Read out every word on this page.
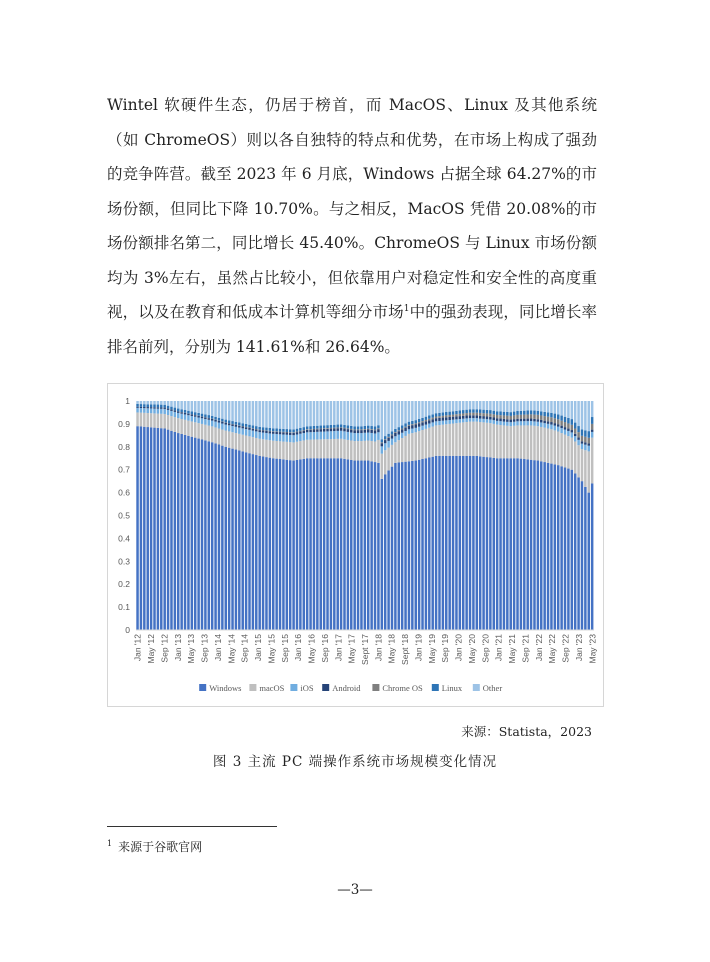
Wintel 软硬件生态，仍居于榜首，而 MacOS、Linux 及其他系统（如 ChromeOS）则以各自独特的特点和优势，在市场上构成了强劲的竞争阵营。截至 2023 年 6 月底，Windows 占据全球 64.27%的市场份额，但同比下降 10.70%。与之相反，MacOS 凭借 20.08%的市场份额排名第二，同比增长 45.40%。ChromeOS 与 Linux 市场份额均为 3%左右，虽然占比较小，但依靠用户对稳定性和安全性的高度重视，以及在教育和低成本计算机等细分市场$^1$中的强劲表现，同比增长率排名前列，分别为 141.61%和 26.64%。

0
0.1
0.2
0.3
0.4
0.5
0.6
0.7
0.8
0.9
1
Jan '12 May '12 Sep '12 Jan '13 May '13 Sep '13 Jan '14 May '14 Sep '14 Jan '15 May '15 Sep '15 Jan '16 May '16 Sep '16 Jan '17 May '17 Sept '17 Jan '18 May '18 Sept '18 Jan '19 May '19 Sep '19 Jan '20 May '20 Sep '20 Jan '21 May '21 Sep '21 Jan '22 May '22 Sep '22 Jan '23 May '23
Windows macOS iOS Android	Chrome OS Linux Other
来源：Statista，2023
图 3 主流 PC 端操作系统市场规模变化情况
$^1$ 来源于谷歌官网
—3—
